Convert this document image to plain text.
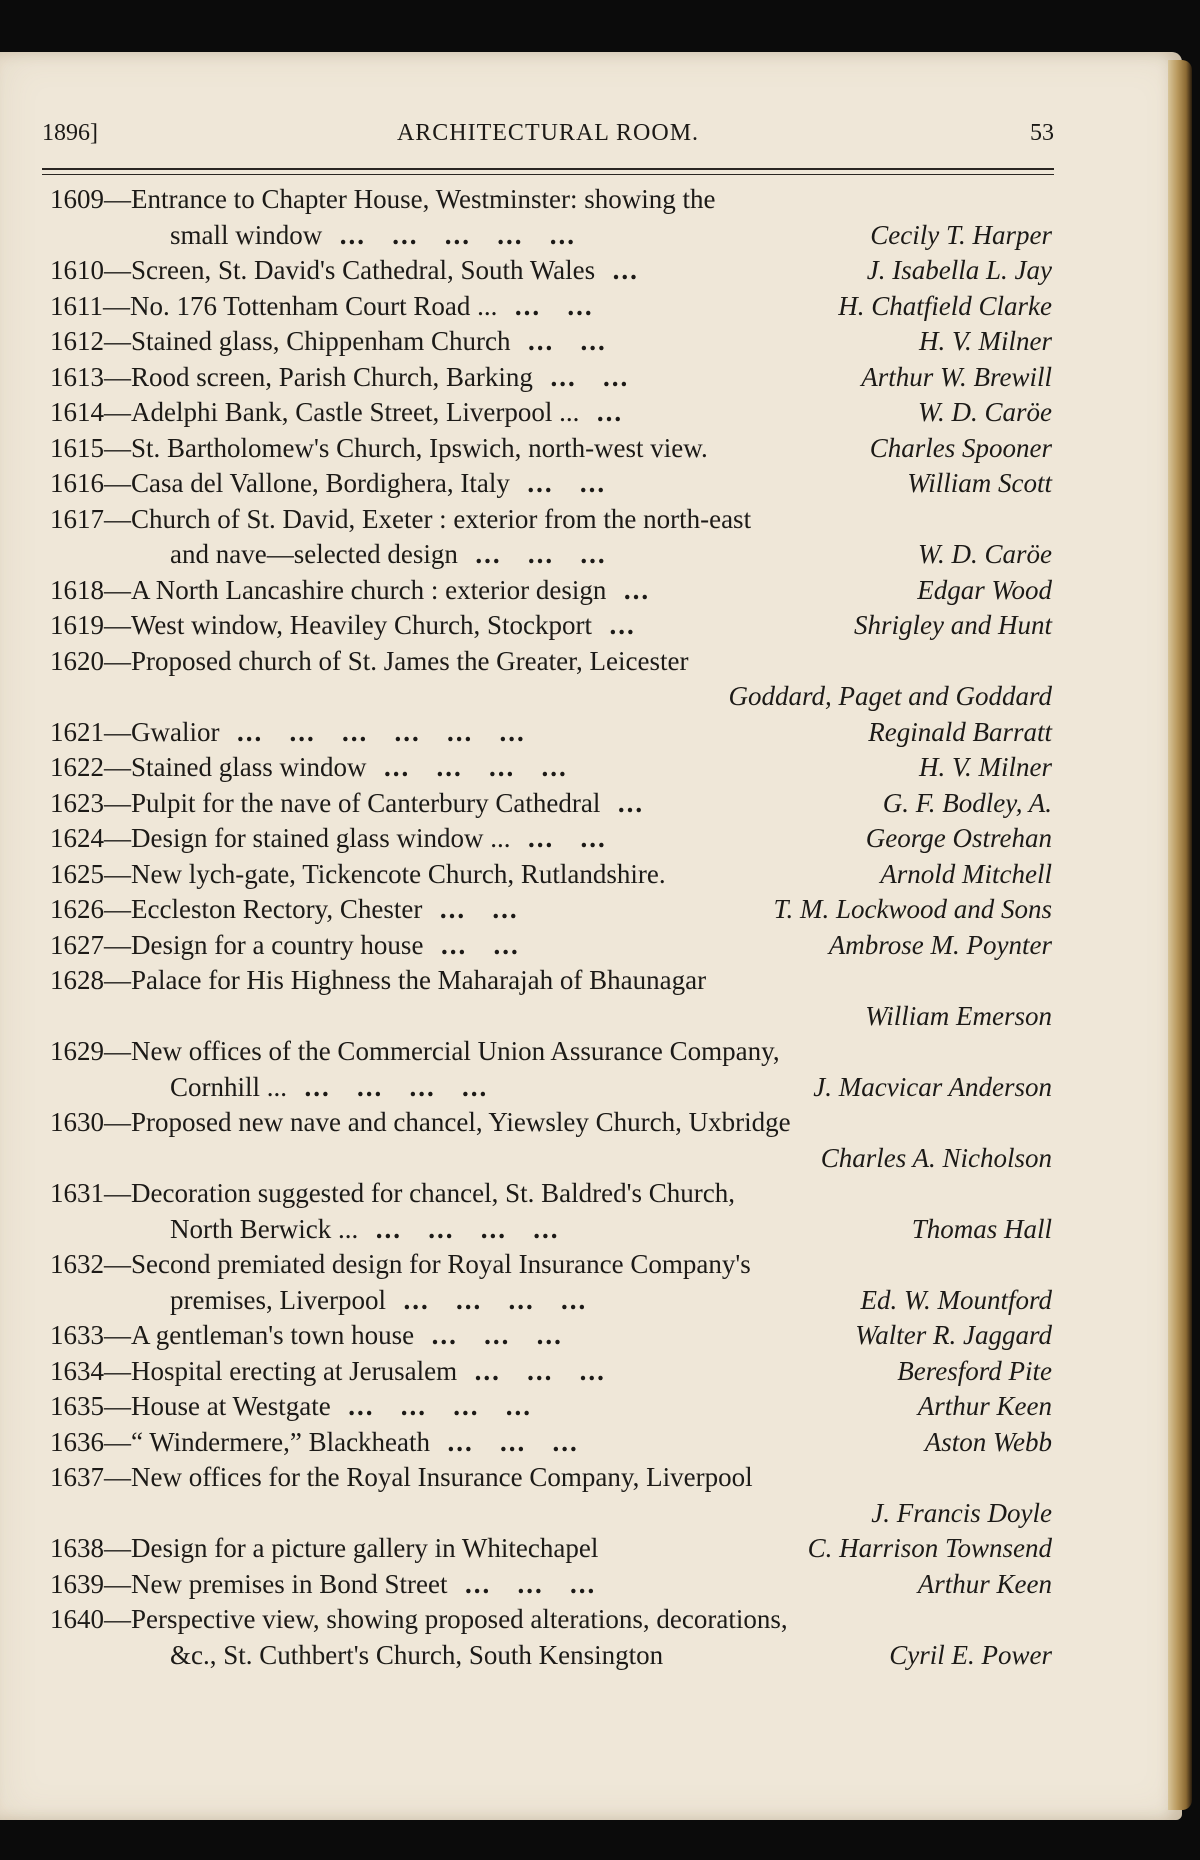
1896]	ARCHITECTURAL ROOM.	53
1609—Entrance to Chapter House, Westminster: showing the
small window  ...   ...   ...   ...   ...	Cecily T. Harper
1610—Screen, St. David's Cathedral, South Wales  ...	J. Isabella L. Jay
1611—No. 176 Tottenham Court Road ...  ...   ...	H. Chatfield Clarke
1612—Stained glass, Chippenham Church  ...   ...	H. V. Milner
1613—Rood screen, Parish Church, Barking  ...   ...	Arthur W. Brewill
1614—Adelphi Bank, Castle Street, Liverpool ...  ...	W. D. Caröe
1615—St. Bartholomew's Church, Ipswich, north-west view.	Charles Spooner
1616—Casa del Vallone, Bordighera, Italy  ...   ...	William Scott
1617—Church of St. David, Exeter : exterior from the north-east
and nave—selected design  ...   ...   ...	W. D. Caröe
1618—A North Lancashire church : exterior design  ...	Edgar Wood
1619—West window, Heaviley Church, Stockport  ...	Shrigley and Hunt
1620—Proposed church of St. James the Greater, Leicester
Goddard, Paget and Goddard
1621—Gwalior  ...   ...   ...   ...   ...   ...	Reginald Barratt
1622—Stained glass window  ...   ...   ...   ...	H. V. Milner
1623—Pulpit for the nave of Canterbury Cathedral  ...	G. F. Bodley, A.
1624—Design for stained glass window ...  ...   ...	George Ostrehan
1625—New lych-gate, Tickencote Church, Rutlandshire.	Arnold Mitchell
1626—Eccleston Rectory, Chester  ...   ...	T. M. Lockwood and Sons
1627—Design for a country house  ...   ...	Ambrose M. Poynter
1628—Palace for His Highness the Maharajah of Bhaunagar
William Emerson
1629—New offices of the Commercial Union Assurance Company,
Cornhill ...  ...   ...   ...   ...	J. Macvicar Anderson
1630—Proposed new nave and chancel, Yiewsley Church, Uxbridge
Charles A. Nicholson
1631—Decoration suggested for chancel, St. Baldred's Church,
North Berwick ...  ...   ...   ...   ...	Thomas Hall
1632—Second premiated design for Royal Insurance Company's
premises, Liverpool  ...   ...   ...   ...	Ed. W. Mountford
1633—A gentleman's town house  ...   ...   ...	Walter R. Jaggard
1634—Hospital erecting at Jerusalem  ...   ...   ...	Beresford Pite
1635—House at Westgate  ...   ...   ...   ...	Arthur Keen
1636—“ Windermere,” Blackheath  ...   ...   ...	Aston Webb
1637—New offices for the Royal Insurance Company, Liverpool
J. Francis Doyle
1638—Design for a picture gallery in Whitechapel	C. Harrison Townsend
1639—New premises in Bond Street  ...   ...   ...	Arthur Keen
1640—Perspective view, showing proposed alterations, decorations,
&c., St. Cuthbert's Church, South Kensington	Cyril E. Power
